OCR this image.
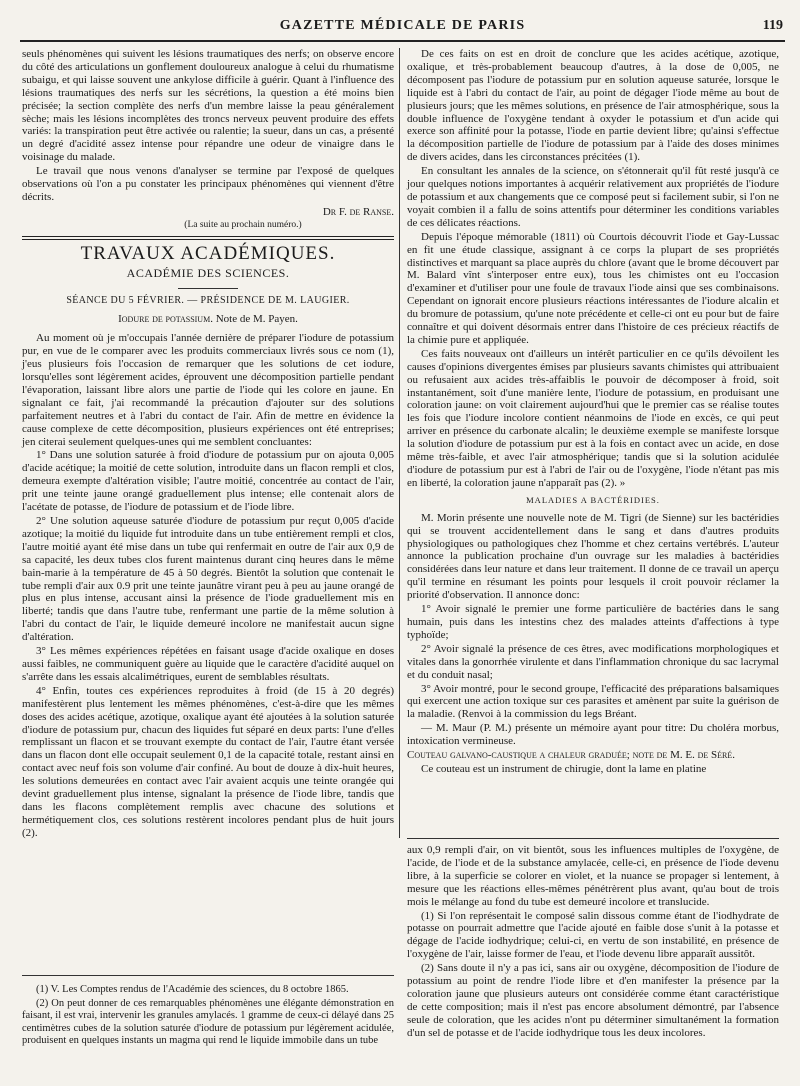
GAZETTE MÉDICALE DE PARIS	119

seuls phénomènes qui suivent les lésions traumatiques des nerfs; on observe encore du côté des articulations un gonflement douloureux analogue à celui du rhumatisme subaigu, et qui laisse souvent une ankylose difficile à guérir. Quant à l'influence des lésions traumatiques des nerfs sur les sécrétions, la question a été moins bien précisée; la section complète des nerfs d'un membre laisse la peau généralement sèche; mais les lésions incomplètes des troncs nerveux peuvent produire des effets variés: la transpiration peut être activée ou ralentie; la sueur, dans un cas, a présenté un degré d'acidité assez intense pour répandre une odeur de vinaigre dans le voisinage du malade.

Le travail que nous venons d'analyser se termine par l'exposé de quelques observations où l'on a pu constater les principaux phénomènes qui viennent d'être décrits.

Dr F. de Ranse.
(La suite au prochain numéro.)
TRAVAUX ACADÉMIQUES.
ACADÉMIE DES SCIENCES.
SÉANCE DU 5 FÉVRIER. — PRÉSIDENCE DE M. LAUGIER.
Iodure de potassium. Note de M. Payen.

Au moment où je m'occupais l'année dernière de préparer l'iodure de potassium pur, en vue de le comparer avec les produits commerciaux livrés sous ce nom (1), j'eus plusieurs fois l'occasion de remarquer que les solutions de cet iodure, lorsqu'elles sont légèrement acides, éprouvent une décomposition partielle pendant l'évaporation, laissant libre alors une partie de l'iode qui les colore en jaune. En signalant ce fait, j'ai recommandé la précaution d'ajouter sur des solutions parfaitement neutres et à l'abri du contact de l'air. Afin de mettre en évidence la cause complexe de cette décomposition, plusieurs expériences ont été entreprises; jen citerai seulement quelques-unes qui me semblent concluantes:

1° Dans une solution saturée à froid d'iodure de potassium pur on ajouta 0,005 d'acide acétique; la moitié de cette solution, introduite dans un flacon rempli et clos, demeura exempte d'altération visible; l'autre moitié, concentrée au contact de l'air, prit une teinte jaune orangé graduellement plus intense; elle contenait alors de l'acétate de potasse, de l'iodure de potassium et de l'iode libre.

2° Une solution aqueuse saturée d'iodure de potassium pur reçut 0,005 d'acide azotique; la moitié du liquide fut introduite dans un tube entièrement rempli et clos, l'autre moitié ayant été mise dans un tube qui renfermait en outre de l'air aux 0,9 de sa capacité, les deux tubes clos furent maintenus durant cinq heures dans le même bain-marie à la température de 45 à 50 degrés. Bientôt la solution que contenait le tube rempli d'air aux 0.9 prit une teinte jaunâtre virant peu à peu au jaune orangé de plus en plus intense, accusant ainsi la présence de l'iode graduellement mis en liberté; tandis que dans l'autre tube, renfermant une partie de la même solution à l'abri du contact de l'air, le liquide demeuré incolore ne manifestait aucun signe d'altération.

3° Les mêmes expériences répétées en faisant usage d'acide oxalique en doses aussi faibles, ne communiquent guère au liquide que le caractère d'acidité auquel on s'arrête dans les essais alcalimétriques, eurent de semblables résultats.

4° Enfin, toutes ces expériences reproduites à froid (de 15 à 20 degrés) manifestèrent plus lentement les mêmes phénomènes, c'est-à-dire que les mêmes doses des acides acétique, azotique, oxalique ayant été ajoutées à la solution saturée d'iodure de potassium pur, chacun des liquides fut séparé en deux parts: l'une d'elles remplissant un flacon et se trouvant exempte du contact de l'air, l'autre étant versée dans un flacon dont elle occupait seulement 0,1 de la capacité totale, restant ainsi en contact avec neuf fois son volume d'air confiné. Au bout de douze à dix-huit heures, les solutions demeurées en contact avec l'air avaient acquis une teinte orangée qui devint graduellement plus intense, signalant la présence de l'iode libre, tandis que dans les flacons complètement remplis avec chacune des solutions et hermétiquement clos, ces solutions restèrent incolores pendant plus de huit jours (2).

(1) V. Les Comptes rendus de l'Académie des sciences, du 8 octobre 1865.

(2) On peut donner de ces remarquables phénomènes une élégante démonstration en faisant, il est vrai, intervenir les granules amylacés. 1 gramme de ceux-ci délayé dans 25 centimètres cubes de la solution saturée d'iodure de potassium pur légèrement acidulée, produisent en quelques instants un magma qui rend le liquide immobile dans un tube

De ces faits on est en droit de conclure que les acides acétique, azotique, oxalique, et très-probablement beaucoup d'autres, à la dose de 0,005, ne décomposent pas l'iodure de potassium pur en solution aqueuse saturée, lorsque le liquide est à l'abri du contact de l'air, au point de dégager l'iode même au bout de plusieurs jours; que les mêmes solutions, en présence de l'air atmosphérique, sous la double influence de l'oxygène tendant à oxyder le potassium et d'un acide qui exerce son affinité pour la potasse, l'iode en partie devient libre; qu'ainsi s'effectue la décomposition partielle de l'iodure de potassium par à l'aide des doses minimes de divers acides, dans les circonstances précitées (1).

En consultant les annales de la science, on s'étonnerait qu'il fût resté jusqu'à ce jour quelques notions importantes à acquérir relativement aux propriétés de l'iodure de potassium et aux changements que ce composé peut si facilement subir, si l'on ne voyait combien il a fallu de soins attentifs pour déterminer les conditions variables de ces délicates réactions.

Depuis l'époque mémorable (1811) où Courtois découvrit l'iode et Gay-Lussac en fit une étude classique, assignant à ce corps la plupart de ses propriétés distinctives et marquant sa place auprès du chlore (avant que le brome découvert par M. Balard vînt s'interposer entre eux), tous les chimistes ont eu l'occasion d'examiner et d'utiliser pour une foule de travaux l'iode ainsi que ses combinaisons. Cependant on ignorait encore plusieurs réactions intéressantes de l'iodure alcalin et du bromure de potassium, qu'une note précédente et celle-ci ont eu pour but de faire connaître et qui doivent désormais entrer dans l'histoire de ces précieux réactifs de la chimie pure et appliquée.

Ces faits nouveaux ont d'ailleurs un intérêt particulier en ce qu'ils dévoilent les causes d'opinions divergentes émises par plusieurs savants chimistes qui attribuaient ou refusaient aux acides très-affaiblis le pouvoir de décomposer à froid, soit instantanément, soit d'une manière lente, l'iodure de potassium, en produisant une coloration jaune: on voit clairement aujourd'hui que le premier cas se réalise toutes les fois que l'iodure incolore contient néanmoins de l'iode en excès, ce qui peut arriver en présence du carbonate alcalin; le deuxième exemple se manifeste lorsque la solution d'iodure de potassium pur est à la fois en contact avec un acide, en dose même très-faible, et avec l'air atmosphérique; tandis que si la solution acidulée d'iodure de potassium pur est à l'abri de l'air ou de l'oxygène, l'iode n'étant pas mis en liberté, la coloration jaune n'apparaît pas (2). »

MALADIES A BACTÉRIDIES.

M. Morin présente une nouvelle note de M. Tigri (de Sienne) sur les bactéridies qui se trouvent accidentellement dans le sang et dans d'autres produits physiologiques ou pathologiques chez l'homme et chez certains vertébrés. L'auteur annonce la publication prochaine d'un ouvrage sur les maladies à bactéridies considérées dans leur nature et dans leur traitement. Il donne de ce travail un aperçu qu'il termine en résumant les points pour lesquels il croit pouvoir réclamer la priorité d'observation. Il annonce donc:

1° Avoir signalé le premier une forme particulière de bactéries dans le sang humain, puis dans les intestins chez des malades atteints d'affections à type typhoïde;

2° Avoir signalé la présence de ces êtres, avec modifications morphologiques et vitales dans la gonorrhée virulente et dans l'inflammation chronique du sac lacrymal et du conduit nasal;

3° Avoir montré, pour le second groupe, l'efficacité des préparations balsamiques qui exercent une action toxique sur ces parasites et amènent par suite la guérison de la maladie. (Renvoi à la commission du legs Bréant.

— M. Maur (P. M.) présente un mémoire ayant pour titre: Du choléra morbus, intoxication vermineuse.

Couteau galvano-caustique a chaleur graduée; note de M. E. de Séré.

Ce couteau est un instrument de chirugie, dont la lame en platine

aux 0,9 rempli d'air, on vit bientôt, sous les influences multiples de l'oxygène, de l'acide, de l'iode et de la substance amylacée, celle-ci, en présence de l'iode devenu libre, à la superficie se colorer en violet, et la nuance se propager si lentement, à mesure que les réactions elles-mêmes pénétrèrent plus avant, qu'au bout de trois mois le mélange au fond du tube est demeuré incolore et translucide.

(1) Si l'on représentait le composé salin dissous comme étant de l'iodhydrate de potasse on pourrait admettre que l'acide ajouté en faible dose s'unit à la potasse et dégage de l'acide iodhydrique; celui-ci, en vertu de son instabilité, en présence de l'oxygène de l'air, laisse former de l'eau, et l'iode devenu libre apparaît aussitôt.

(2) Sans doute il n'y a pas ici, sans air ou oxygène, décomposition de l'iodure de potassium au point de rendre l'iode libre et d'en manifester la présence par la coloration jaune que plusieurs auteurs ont considérée comme étant caractéristique de cette composition; mais il n'est pas encore absolument démontré, par l'absence seule de coloration, que les acides n'ont pu déterminer simultanément la formation d'un sel de potasse et de l'acide iodhydrique tous les deux incolores.
